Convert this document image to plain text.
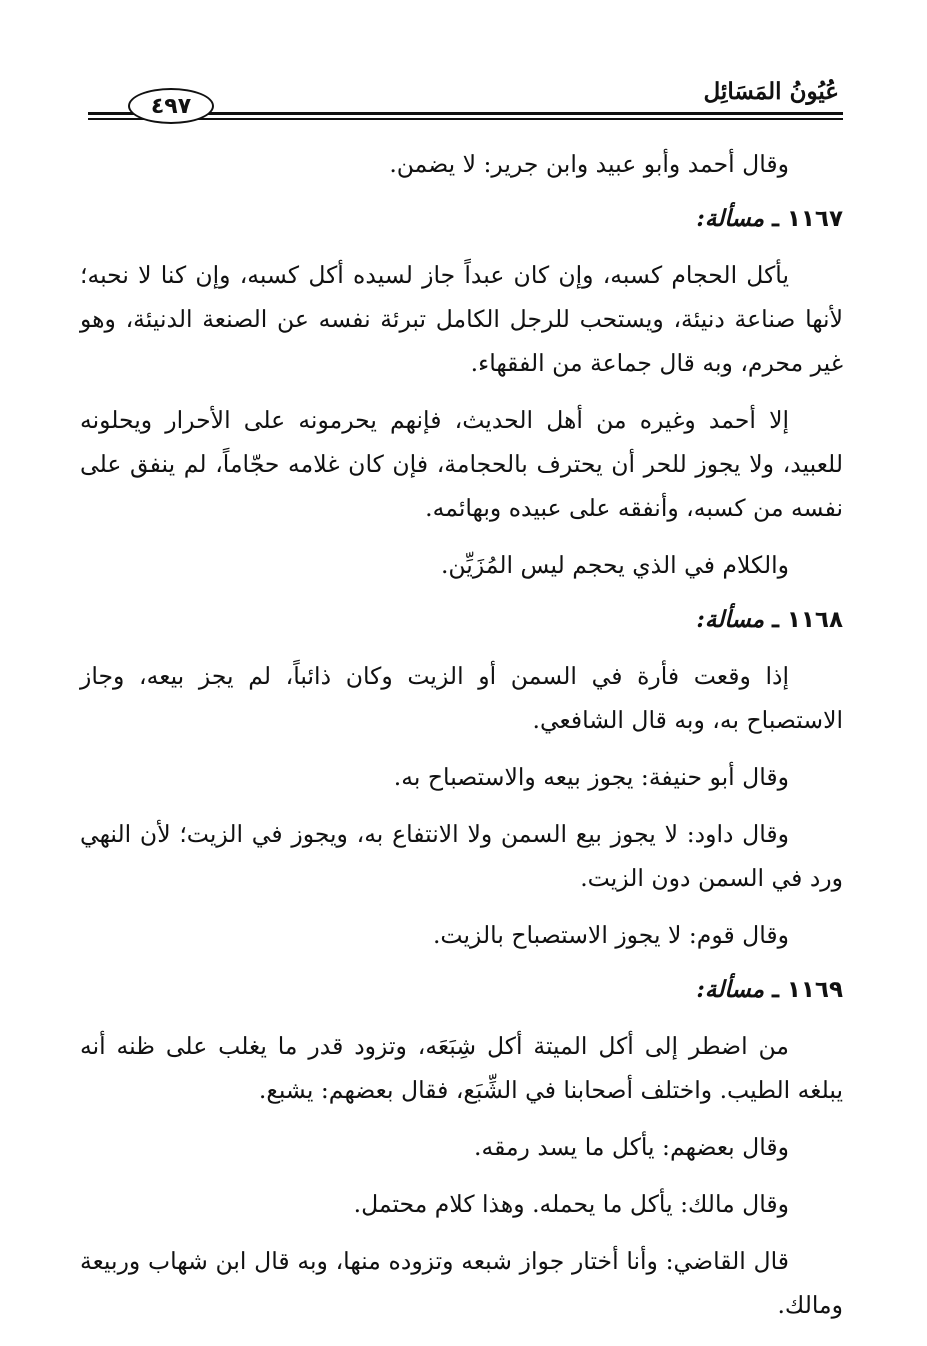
عُيُونُ المَسَائِل
٤٩٧

وقال أحمد وأبو عبيد وابن جرير: لا يضمن.

١١٦٧
ـ
مسألة:

يأكل الحجام كسبه، وإن كان عبداً جاز لسيده أكل كسبه، وإن كنا لا نحبه؛ لأنها صناعة دنيئة، ويستحب للرجل الكامل تبرئة نفسه عن الصنعة الدنيئة، وهو غير محرم، وبه قال جماعة من الفقهاء.

إلا أحمد وغيره من أهل الحديث، فإنهم يحرمونه على الأحرار ويحلونه للعبيد، ولا يجوز للحر أن يحترف بالحجامة، فإن كان غلامه حجّاماً، لم ينفق على نفسه من كسبه، وأنفقه على عبيده وبهائمه.

والكلام في الذي يحجم ليس المُزَيِّن.

١١٦٨
ـ
مسألة:

إذا وقعت فأرة في السمن أو الزيت وكان ذائباً، لم يجز بيعه، وجاز الاستصباح به، وبه قال الشافعي.

وقال أبو حنيفة: يجوز بيعه والاستصباح به.

وقال داود: لا يجوز بيع السمن ولا الانتفاع به، ويجوز في الزيت؛ لأن النهي ورد في السمن دون الزيت.

وقال قوم: لا يجوز الاستصباح بالزيت.

١١٦٩
ـ
مسألة:

من اضطر إلى أكل الميتة أكل شِبَعَه، وتزود قدر ما يغلب على ظنه أنه يبلغه الطيب. واختلف أصحابنا في الشِّبَع، فقال بعضهم: يشبع.

وقال بعضهم: يأكل ما يسد رمقه.

وقال مالك: يأكل ما يحمله. وهذا كلام محتمل.

قال القاضي: وأنا أختار جواز شبعه وتزوده منها، وبه قال ابن شهاب وربيعة ومالك.
